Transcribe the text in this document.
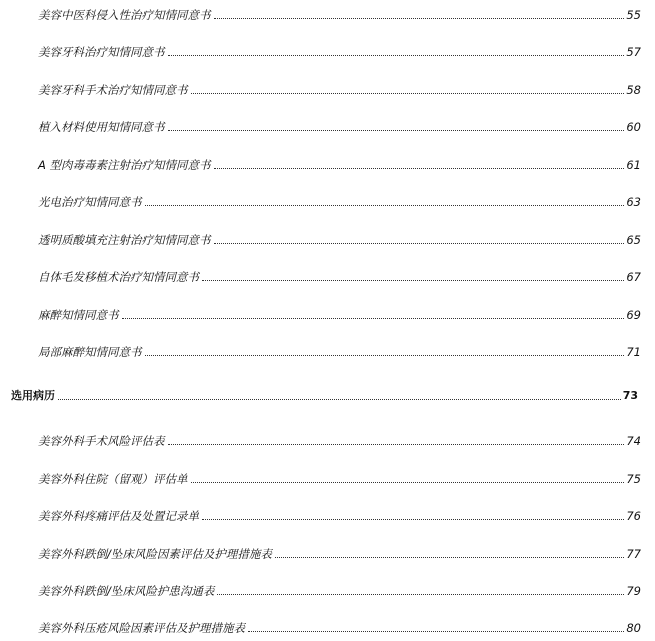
美容中医科侵入性治疗知情同意书	55
美容牙科治疗知情同意书	57
美容牙科手术治疗知情同意书	58
植入材料使用知情同意书	60
A 型肉毒毒素注射治疗知情同意书	61
光电治疗知情同意书	63
透明质酸填充注射治疗知情同意书	65
自体毛发移植术治疗知情同意书	67
麻醉知情同意书	69
局部麻醉知情同意书	71
选用病历	73
美容外科手术风险评估表	74
美容外科住院（留观）评估单	75
美容外科疼痛评估及处置记录单	76
美容外科跌倒/坠床风险因素评估及护理措施表	77
美容外科跌倒/坠床风险护患沟通表	79
美容外科压疮风险因素评估及护理措施表	80
